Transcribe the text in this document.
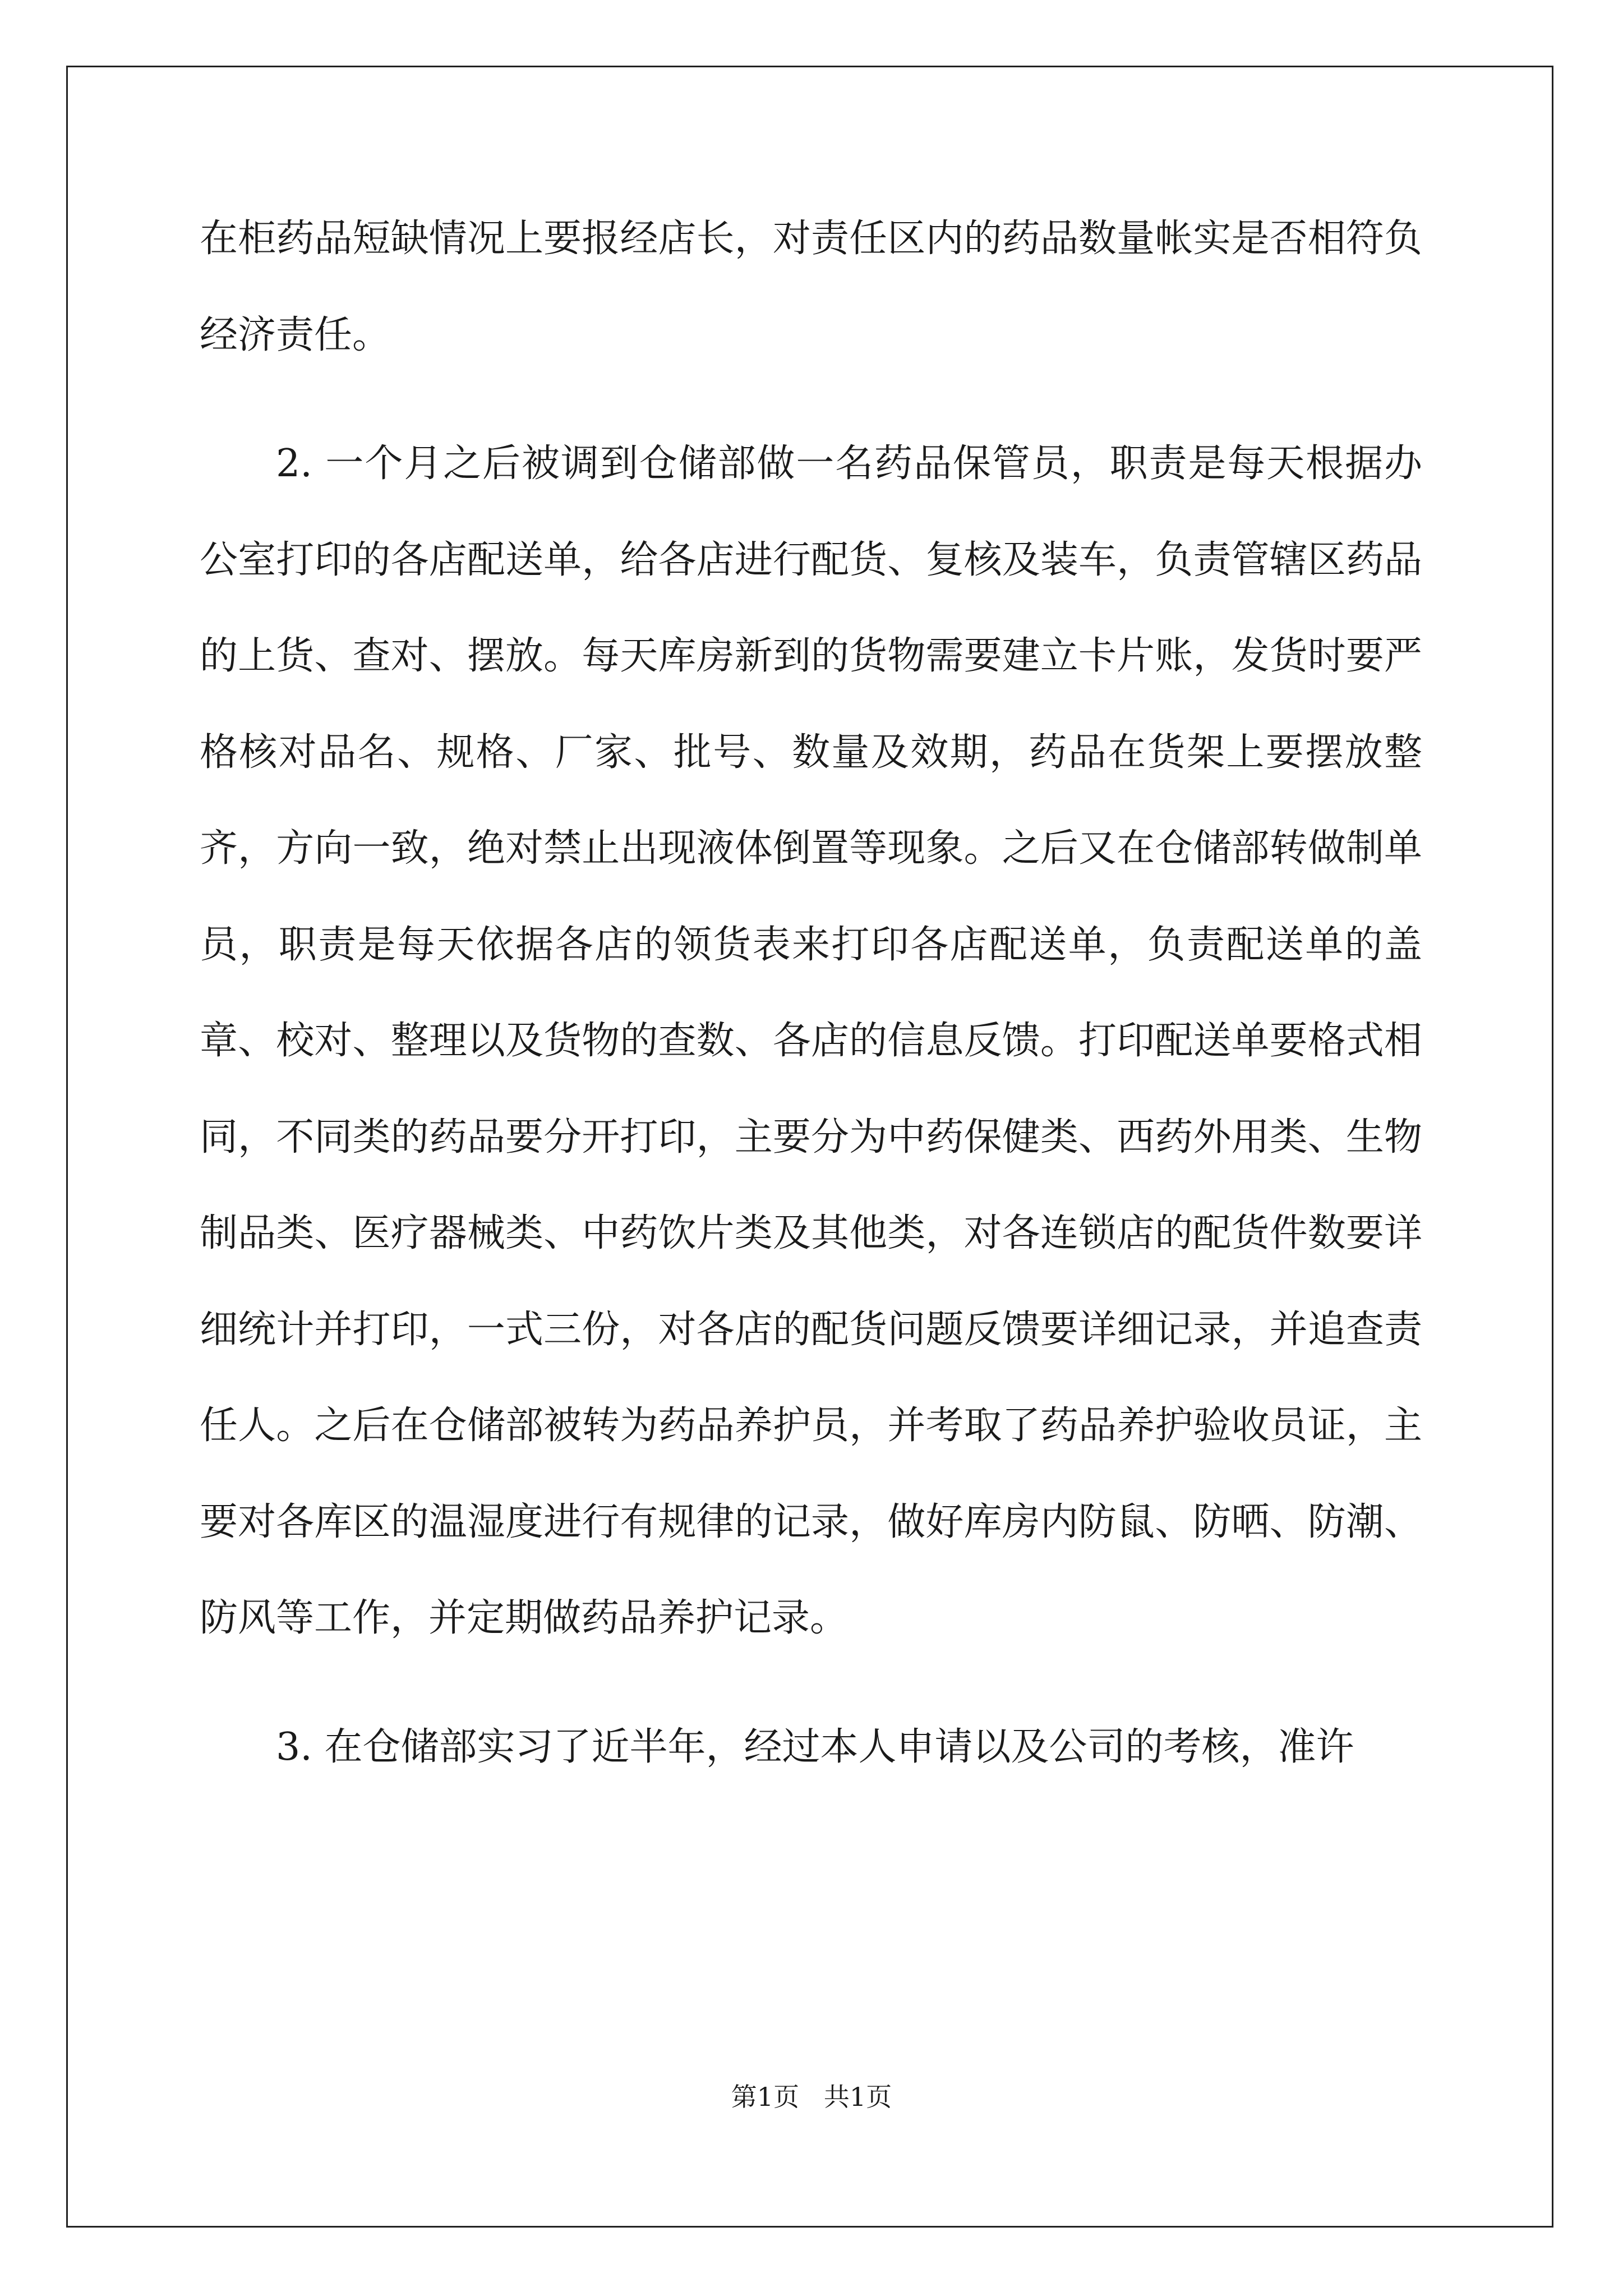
在柜药品短缺情况上要报经店长，对责任区内的药品数量帐实是否相符负经济责任。

2. 一个月之后被调到仓储部做一名药品保管员，职责是每天根据办公室打印的各店配送单，给各店进行配货、复核及装车，负责管辖区药品的上货、查对、摆放。每天库房新到的货物需要建立卡片账，发货时要严格核对品名、规格、厂家、批号、数量及效期，药品在货架上要摆放整齐，方向一致，绝对禁止出现液体倒置等现象。之后又在仓储部转做制单员，职责是每天依据各店的领货表来打印各店配送单，负责配送单的盖章、校对、整理以及货物的查数、各店的信息反馈。打印配送单要格式相同，不同类的药品要分开打印，主要分为中药保健类、西药外用类、生物制品类、医疗器械类、中药饮片类及其他类，对各连锁店的配货件数要详细统计并打印，一式三份，对各店的配货问题反馈要详细记录，并追查责任人。之后在仓储部被转为药品养护员，并考取了药品养护验收员证，主要对各库区的温湿度进行有规律的记录，做好库房内防鼠、防晒、防潮、防风等工作，并定期做药品养护记录。

3. 在仓储部实习了近半年，经过本人申请以及公司的考核，准许

第1页   共1页
